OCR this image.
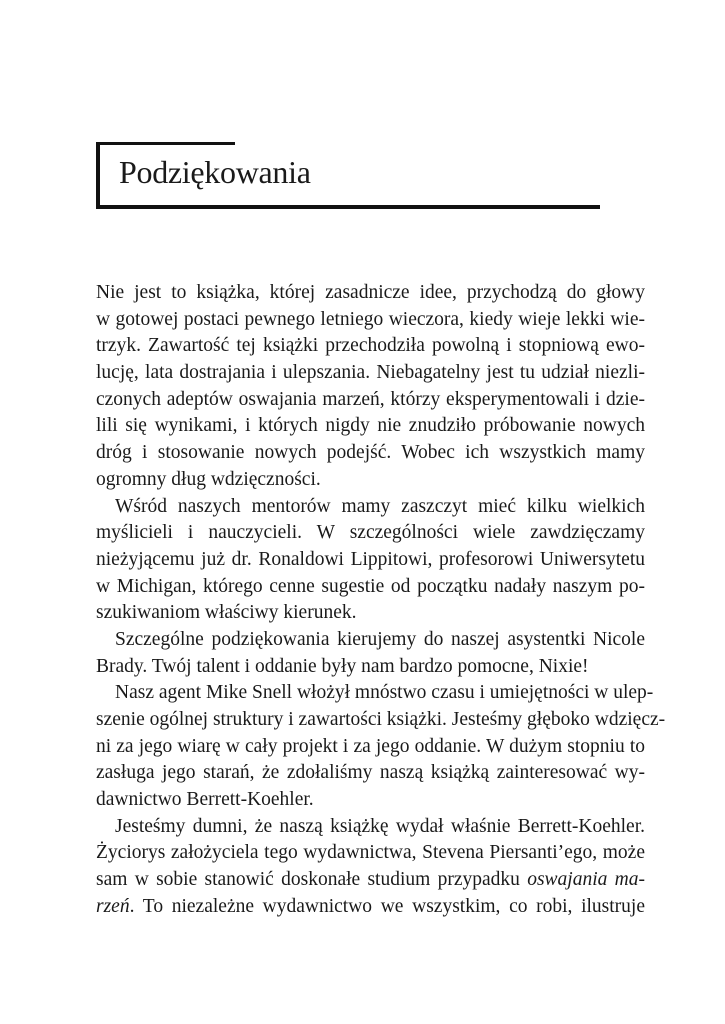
Podziękowania
Nie jest to książka, której zasadnicze idee, przychodzą do głowy
w gotowej postaci pewnego letniego wieczora, kiedy wieje lekki wie-
trzyk. Zawartość tej książki przechodziła powolną i stopniową ewo-
lucję, lata dostrajania i ulepszania. Niebagatelny jest tu udział niezli-
czonych adeptów oswajania marzeń, którzy eksperymentowali i dzie-
lili się wynikami, i których nigdy nie znudziło próbowanie nowych
dróg i stosowanie nowych podejść. Wobec ich wszystkich mamy
ogromny dług wdzięczności.
Wśród naszych mentorów mamy zaszczyt mieć kilku wielkich
myślicieli i nauczycieli. W szczególności wiele zawdzięczamy
nieżyjącemu już dr. Ronaldowi Lippitowi, profesorowi Uniwersytetu
w Michigan, którego cenne sugestie od początku nadały naszym po-
szukiwaniom właściwy kierunek.
Szczególne podziękowania kierujemy do naszej asystentki Nicole
Brady. Twój talent i oddanie były nam bardzo pomocne, Nixie!
Nasz agent Mike Snell włożył mnóstwo czasu i umiejętności w ulep-
szenie ogólnej struktury i zawartości książki. Jesteśmy głęboko wdzięcz-
ni za jego wiarę w cały projekt i za jego oddanie. W dużym stopniu to
zasługa jego starań, że zdołaliśmy naszą książką zainteresować wy-
dawnictwo Berrett-Koehler.
Jesteśmy dumni, że naszą książkę wydał właśnie Berrett-Koehler.
Życiorys założyciela tego wydawnictwa, Stevena Piersanti’ego, może
sam w sobie stanowić doskonałe studium przypadku oswajania ma-
rzeń. To niezależne wydawnictwo we wszystkim, co robi, ilustruje
